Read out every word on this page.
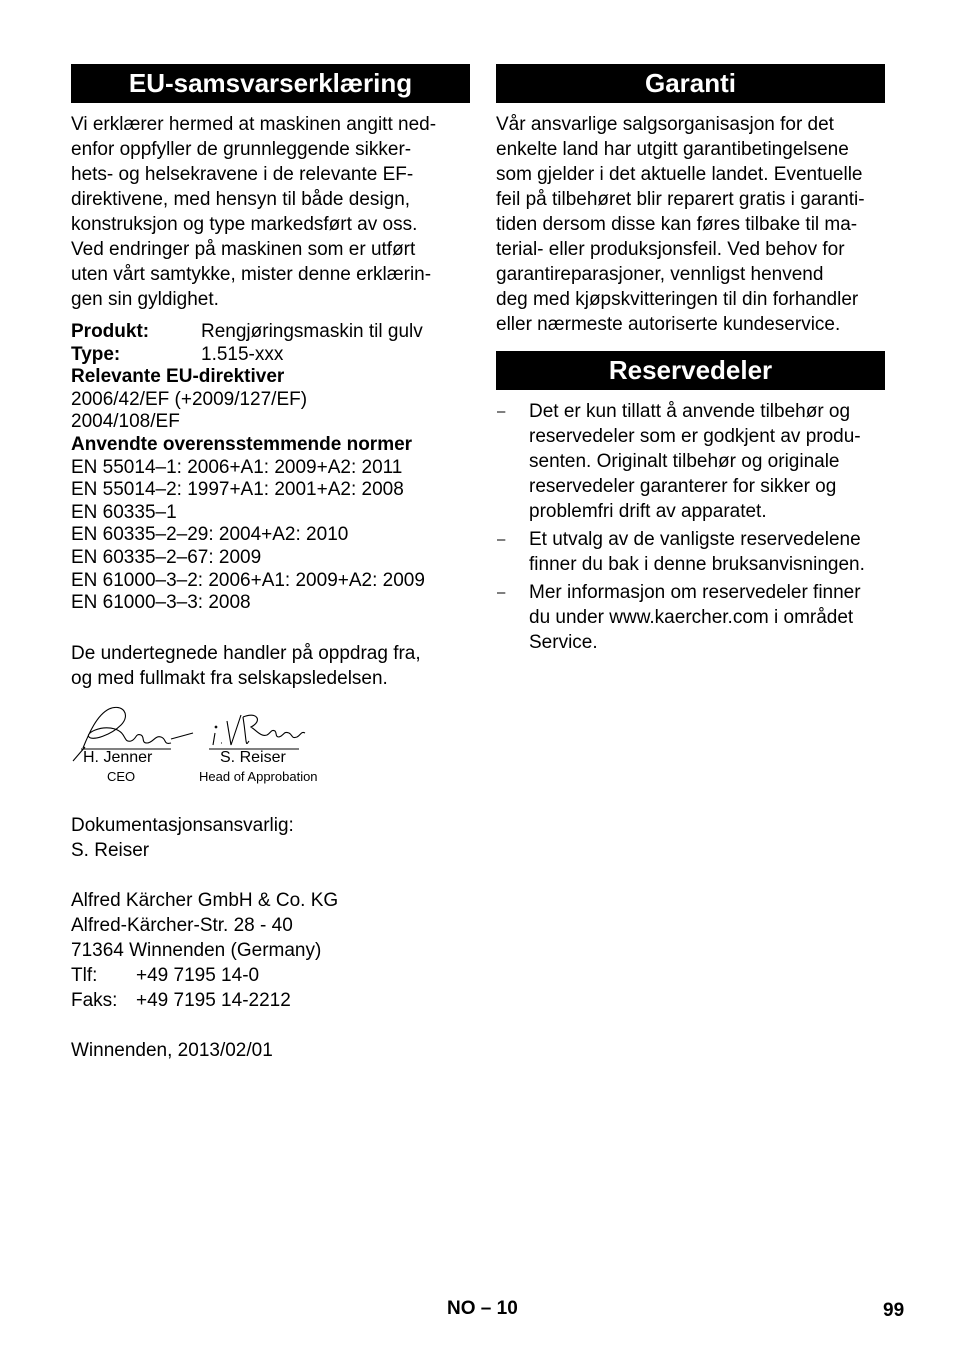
EU-samsvarserklæring

Vi erklærer hermed at maskinen angitt ned-

enfor oppfyller de grunnleggende sikker-

hets- og helsekravene i de relevante EF-

direktivene, med hensyn til både design,

konstruksjon og type markedsført av oss.

Ved endringer på maskinen som er utført

uten vårt samtykke, mister denne erklærin-

gen sin gyldighet.

Produkt:	Rengjøringsmaskin til gulv
Type:	1.515-xxx
Relevante EU-direktiver
2006/42/EF (+2009/127/EF)
2004/108/EF
Anvendte overensstemmende normer
EN 55014–1: 2006+A1: 2009+A2: 2011
EN 55014–2: 1997+A1: 2001+A2: 2008
EN 60335–1
EN 60335–2–29: 2004+A2: 2010
EN 60335–2–67: 2009
EN 61000–3–2: 2006+A1: 2009+A2: 2009
EN 61000–3–3: 2008

De undertegnede handler på oppdrag fra,

og med fullmakt fra selskapsledelsen.

H. Jenner	S. Reiser
CEO	Head of Approbation

Dokumentasjonsansvarlig:

S. Reiser

Alfred Kärcher GmbH & Co. KG

Alfred-Kärcher-Str. 28 - 40

71364 Winnenden (Germany)

Tlf:	+49 7195 14-0
Faks: +49 7195 14-2212

Winnenden, 2013/02/01

Garanti

Vår ansvarlige salgsorganisasjon for det

enkelte land har utgitt garantibetingelsene

som gjelder i det aktuelle landet. Eventuelle

feil på tilbehøret blir reparert gratis i garanti-

tiden dersom disse kan føres tilbake til ma-

terial- eller produksjonsfeil. Ved behov for

garantireparasjoner, vennligst henvend

deg med kjøpskvitteringen til din forhandler

eller nærmeste autoriserte kundeservice.

Reservedeler
– Det er kun tillatt å anvende tilbehør og
reservedeler som er godkjent av produ-
senten. Originalt tilbehør og originale
reservedeler garanterer for sikker og
problemfri drift av apparatet.
– Et utvalg av de vanligste reservedelene
finner du bak i denne bruksanvisningen.
– Mer informasjon om reservedeler finner
du under www.kaercher.com i området
Service.
NO – 10	99
